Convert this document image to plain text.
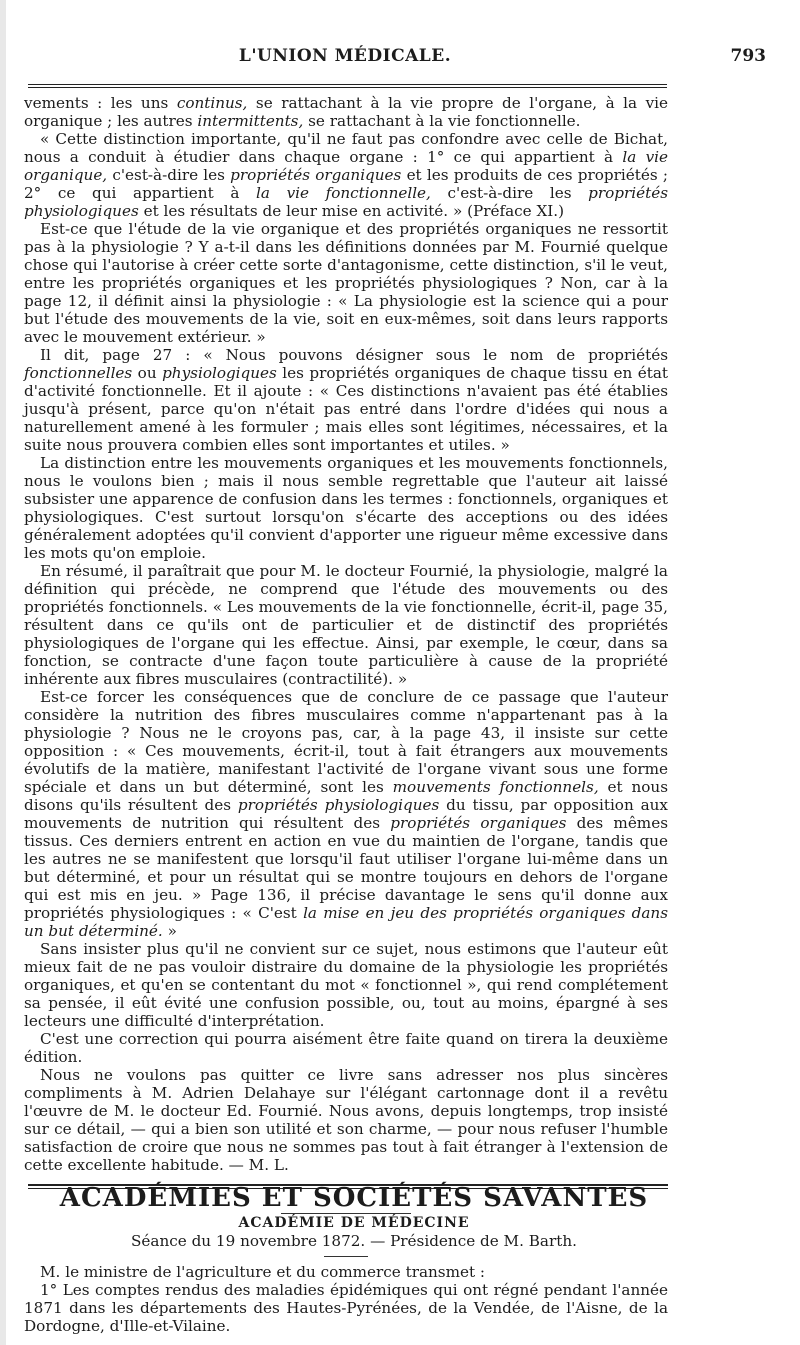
L'UNION MÉDICALE.	793

vements : les uns continus, se rattachant à la vie propre de l'organe, à la vie organique ; les autres intermittents, se rattachant à la vie fonctionnelle.

« Cette distinction importante, qu'il ne faut pas confondre avec celle de Bichat, nous a conduit à étudier dans chaque organe : 1° ce qui appartient à la vie organique, c'est-à-dire les propriétés organiques et les produits de ces propriétés ; 2° ce qui appartient à la vie fonctionnelle, c'est-à-dire les propriétés physiologiques et les résultats de leur mise en activité. » (Préface XI.)

Est-ce que l'étude de la vie organique et des propriétés organiques ne ressortit pas à la physiologie ? Y a-t-il dans les définitions données par M. Fournié quelque chose qui l'autorise à créer cette sorte d'antagonisme, cette distinction, s'il le veut, entre les propriétés organiques et les propriétés physiologiques ? Non, car à la page 12, il définit ainsi la physiologie : « La physiologie est la science qui a pour but l'étude des mouvements de la vie, soit en eux-mêmes, soit dans leurs rapports avec le mouvement extérieur. »

Il dit, page 27 : « Nous pouvons désigner sous le nom de propriétés fonctionnelles ou physiologiques les propriétés organiques de chaque tissu en état d'activité fonctionnelle. Et il ajoute : « Ces distinctions n'avaient pas été établies jusqu'à présent, parce qu'on n'était pas entré dans l'ordre d'idées qui nous a naturellement amené à les formuler ; mais elles sont légitimes, nécessaires, et la suite nous prouvera combien elles sont importantes et utiles. »

La distinction entre les mouvements organiques et les mouvements fonctionnels, nous le voulons bien ; mais il nous semble regrettable que l'auteur ait laissé subsister une apparence de confusion dans les termes : fonctionnels, organiques et physiologiques. C'est surtout lorsqu'on s'écarte des acceptions ou des idées généralement adoptées qu'il convient d'apporter une rigueur même excessive dans les mots qu'on emploie.

En résumé, il paraîtrait que pour M. le docteur Fournié, la physiologie, malgré la définition qui précède, ne comprend que l'étude des mouvements ou des propriétés fonctionnels. « Les mouvements de la vie fonctionnelle, écrit-il, page 35, résultent dans ce qu'ils ont de particulier et de distinctif des propriétés physiologiques de l'organe qui les effectue. Ainsi, par exemple, le cœur, dans sa fonction, se contracte d'une façon toute particulière à cause de la propriété inhérente aux fibres musculaires (contractilité). »

Est-ce forcer les conséquences que de conclure de ce passage que l'auteur considère la nutrition des fibres musculaires comme n'appartenant pas à la physiologie ? Nous ne le croyons pas, car, à la page 43, il insiste sur cette opposition : « Ces mouvements, écrit-il, tout à fait étrangers aux mouvements évolutifs de la matière, manifestant l'activité de l'organe vivant sous une forme spéciale et dans un but déterminé, sont les mouvements fonctionnels, et nous disons qu'ils résultent des propriétés physiologiques du tissu, par opposition aux mouvements de nutrition qui résultent des propriétés organiques des mêmes tissus. Ces derniers entrent en action en vue du maintien de l'organe, tandis que les autres ne se manifestent que lorsqu'il faut utiliser l'organe lui-même dans un but déterminé, et pour un résultat qui se montre toujours en dehors de l'organe qui est mis en jeu. » Page 136, il précise davantage le sens qu'il donne aux propriétés physiologiques : « C'est la mise en jeu des propriétés organiques dans un but déterminé. »

Sans insister plus qu'il ne convient sur ce sujet, nous estimons que l'auteur eût mieux fait de ne pas vouloir distraire du domaine de la physiologie les propriétés organiques, et qu'en se contentant du mot « fonctionnel », qui rend complétement sa pensée, il eût évité une confusion possible, ou, tout au moins, épargné à ses lecteurs une difficulté d'interprétation.

C'est une correction qui pourra aisément être faite quand on tirera la deuxième édition.

Nous ne voulons pas quitter ce livre sans adresser nos plus sincères compliments à M. Adrien Delahaye sur l'élégant cartonnage dont il a revêtu l'œuvre de M. le docteur Ed. Fournié. Nous avons, depuis longtemps, trop insisté sur ce détail, — qui a bien son utilité et son charme, — pour nous refuser l'humble satisfaction de croire que nous ne sommes pas tout à fait étranger à l'extension de cette excellente habitude. — M. L.

ACADÉMIES ET SOCIÉTÉS SAVANTES

ACADÉMIE DE MÉDECINE

Séance du 19 novembre 1872. — Présidence de M. Barth.

M. le ministre de l'agriculture et du commerce transmet :

1° Les comptes rendus des maladies épidémiques qui ont régné pendant l'année 1871 dans les départements des Hautes-Pyrénées, de la Vendée, de l'Aisne, de la Dordogne, d'Ille-et-Vilaine.
